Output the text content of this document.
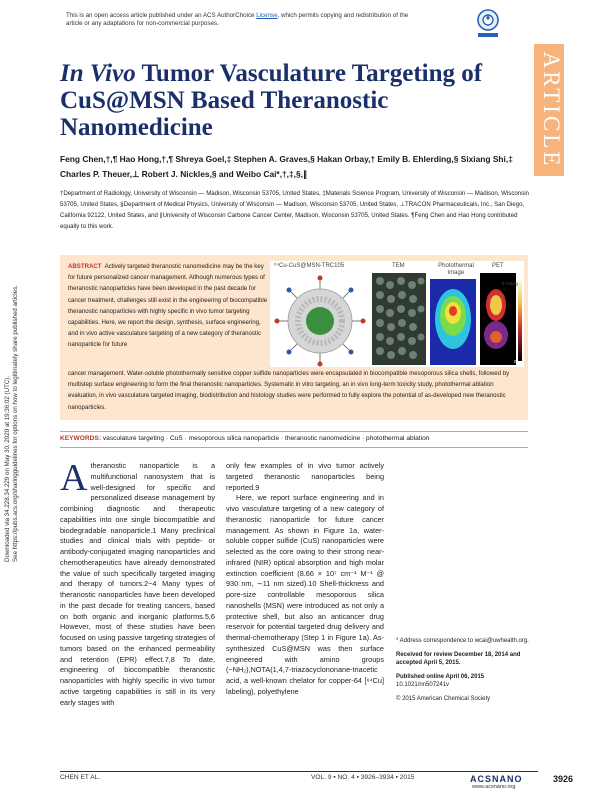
This is an open access article published under an ACS AuthorChoice License, which permits copying and redistribution of the article or any adaptations for non-commercial purposes.
Downloaded via 34.228.34.229 on May 30, 2020 at 19:36:02 (UTC). See https://pubs.acs.org/sharingguidelines for options on how to legitimately share published articles.
ARTICLE
In Vivo Tumor Vasculature Targeting of CuS@MSN Based Theranostic Nanomedicine
Feng Chen,†,¶ Hao Hong,†,¶ Shreya Goel,‡ Stephen A. Graves,§ Hakan Orbay,† Emily B. Ehlerding,§ Sixiang Shi,‡ Charles P. Theuer,⊥ Robert J. Nickles,§ and Weibo Cai*,†,‡,§,∥
†Department of Radiology, University of Wisconsin — Madison, Wisconsin 53705, United States, ‡Materials Science Program, University of Wisconsin — Madison, Wisconsin 53705, United States, §Department of Medical Physics, University of Wisconsin — Madison, Wisconsin 53705, United States, ⊥TRACON Pharmaceuticals, Inc., San Diego, California 92122, United States, and ∥University of Wisconsin Carbone Cancer Center, Madison, Wisconsin 53705, United States. ¶Feng Chen and Hao Hong contributed equally to this work.
ABSTRACT Actively targeted theranostic nanomedicine may be the key for future personalized cancer management. Although numerous types of theranostic nanoparticles have been developed in the past decade for cancer treatment, challenges still exist in the engineering of biocompatible theranostic nanoparticles with highly specific in vivo tumor targeting capabilities. Here, we report the design, synthesis, surface engineering, and in vivo active vasculature targeting of a new category of theranostic nanoparticle for future
⁶⁴Cu-CuS@MSN-TRC105	TEM	Photothermal image
PET
8 %ID/g
0
cancer management. Water-soluble photothermally sensitive copper sulfide nanoparticles were encapsulated in biocompatible mesoporous silica shells, followed by multistep surface engineering to form the final theranostic nanoparticles. Systematic in vitro targeting, an in vivo long-term toxicity study, photothermal ablation evaluation, in vivo vasculature targeted imaging, biodistribution and histology studies were performed to fully explore the potential of as-developed new theranostic nanoparticles.
KEYWORDS: vasculature targeting · CuS · mesoporous silica nanoparticle · theranostic nanomedicine · photothermal ablation
A theranostic nanoparticle is a multifunctional nanosystem that is well-designed for specific and personalized disease management by combining diagnostic and therapeutic capabilities into one single biocompatible and biodegradable nanoparticle.1 Many preclinical studies and clinical trials with peptide- or antibody-conjugated imaging nanoparticles and chemotherapeutics have already demonstrated the value of such specifically targeted imaging and therapy of tumors.2−4 Many types of theranostic nanoparticles have been developed in the past decade for treating cancers, based on both organic and inorganic platforms.5,6 However, most of these studies have been focused on using passive targeting strategies of tumors based on the enhanced permeability and retention (EPR) effect.7,8 To date, engineering of biocompatible theranostic nanoparticles with highly specific in vivo tumor active targeting capabilities is still in its very early stages with

only few examples of in vivo tumor actively targeted theranostic nanoparticles being reported.9

Here, we report surface engineering and in vivo vasculature targeting of a new category of theranostic nanoparticle for future cancer management. As shown in Figure 1a, water-soluble copper sulfide (CuS) nanoparticles were selected as the core owing to their strong near-infrared (NIR) optical absorption and high molar extinction coefficient (8.66 × 10⁷ cm⁻¹ M⁻¹ @ 930 nm, ∼11 nm sized).10 Shell-thickness and pore-size controllable mesoporous silica nanoshells (MSN) were introduced as not only a protective shell, but also an anticancer drug reservoir for potential targeted drug delivery and thermal-chemotherapy (Step 1 in Figure 1a). As-synthesized CuS@MSN was then surface engineered with amino groups (−NH₂),NOTA(1,4,7-triazacyclononane-triacetic acid, a well-known chelator for copper-64 [⁶⁴Cu] labeling), polyethylene

* Address correspondence to wcai@uwhealth.org.

Received for review December 18, 2014 and accepted April 5, 2015.

Published online April 06, 2015

10.1021/nn507241v

© 2015 American Chemical Society

CHEN ET AL.	VOL. 9 ▪ NO. 4 ▪ 3926–3934 ▪ 2015	ACSNANO
www.acsnano.org
3926
